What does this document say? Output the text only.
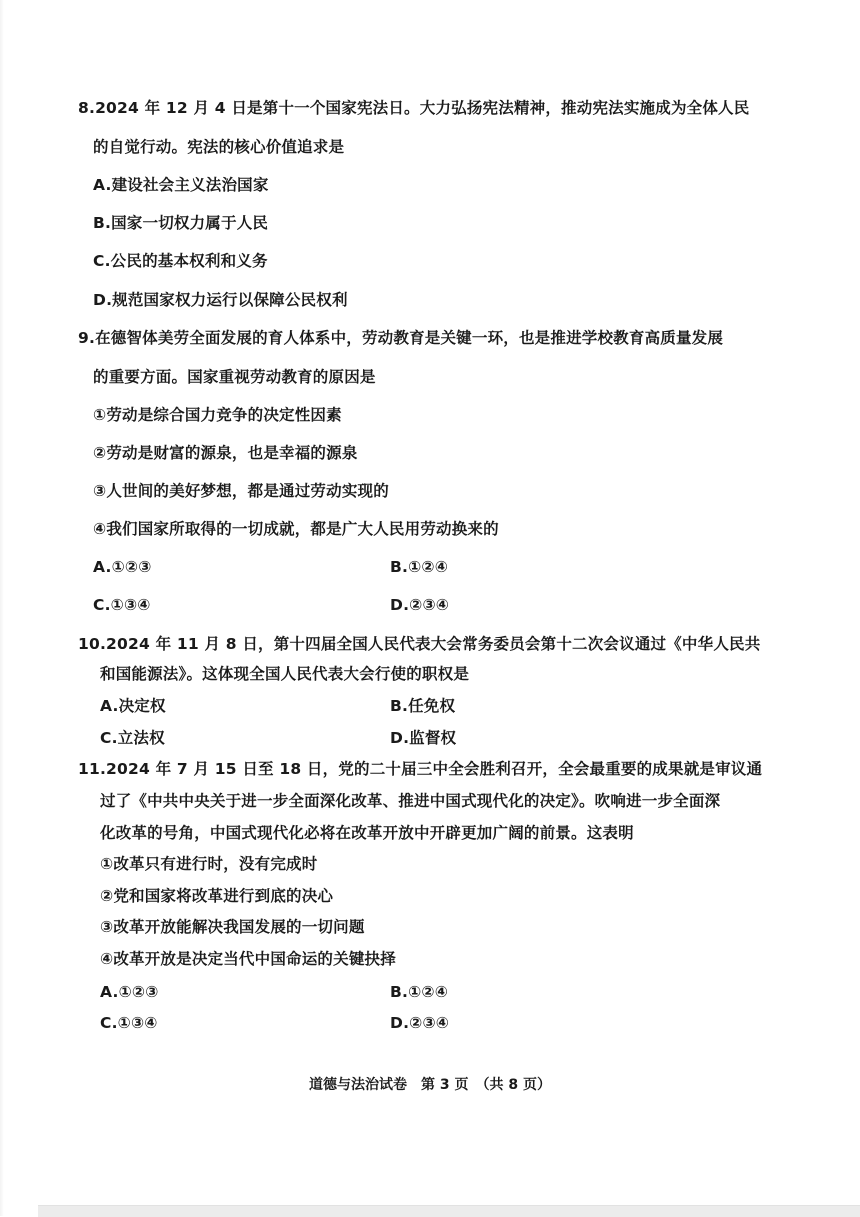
8.2024 年 12 月 4 日是第十一个国家宪法日。大力弘扬宪法精神，推动宪法实施成为全体人民
的自觉行动。宪法的核心价值追求是
A.建设社会主义法治国家
B.国家一切权力属于人民
C.公民的基本权利和义务
D.规范国家权力运行以保障公民权利
9.在德智体美劳全面发展的育人体系中，劳动教育是关键一环，也是推进学校教育高质量发展
的重要方面。国家重视劳动教育的原因是
①劳动是综合国力竞争的决定性因素
②劳动是财富的源泉，也是幸福的源泉
③人世间的美好梦想，都是通过劳动实现的
④我们国家所取得的一切成就，都是广大人民用劳动换来的
A.①②③	B.①②④
C.①③④	D.②③④
10.2024 年 11 月 8 日，第十四届全国人民代表大会常务委员会第十二次会议通过《中华人民共
和国能源法》。这体现全国人民代表大会行使的职权是
A.决定权	B.任免权
C.立法权	D.监督权
11.2024 年 7 月 15 日至 18 日，党的二十届三中全会胜利召开，全会最重要的成果就是审议通
过了《中共中央关于进一步全面深化改革、推进中国式现代化的决定》。吹响进一步全面深
化改革的号角，中国式现代化必将在改革开放中开辟更加广阔的前景。这表明
①改革只有进行时，没有完成时
②党和国家将改革进行到底的决心
③改革开放能解决我国发展的一切问题
④改革开放是决定当代中国命运的关键抉择
A.①②③	B.①②④
C.①③④	D.②③④
道德与法治试卷　第 3 页　（共 8 页）
